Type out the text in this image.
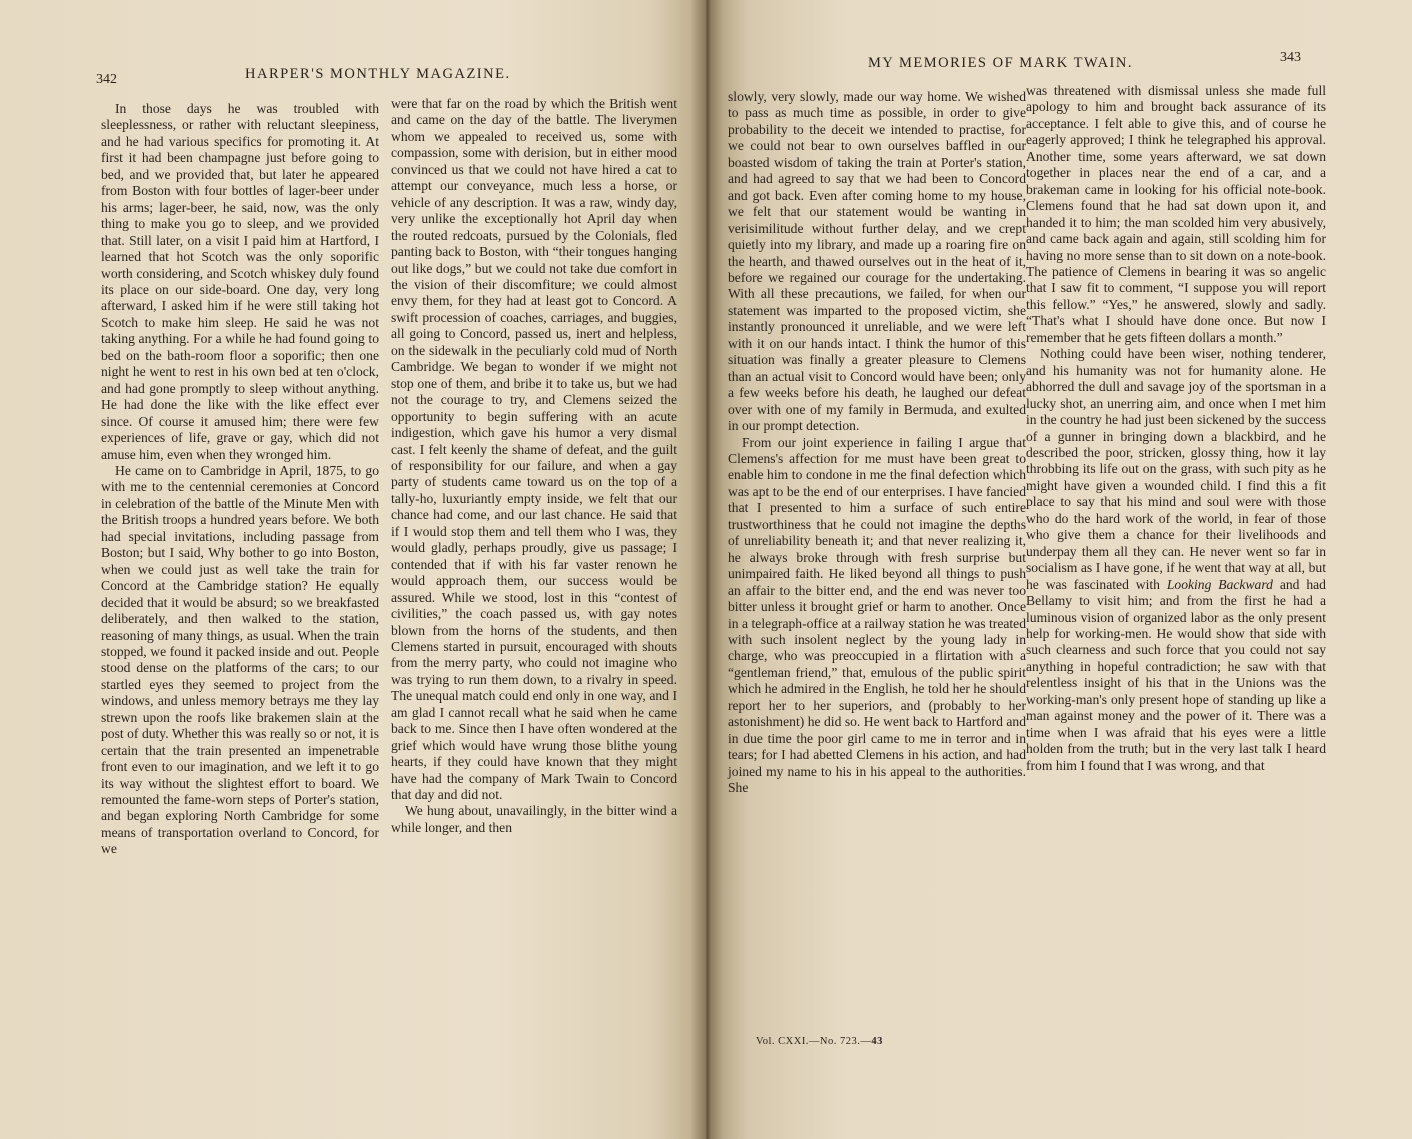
342	HARPER'S MONTHLY MAGAZINE.

In those days he was troubled with sleeplessness, or rather with reluctant sleepiness, and he had various specifics for promoting it. At first it had been champagne just before going to bed, and we provided that, but later he appeared from Boston with four bottles of lager-beer under his arms; lager-beer, he said, now, was the only thing to make you go to sleep, and we provided that. Still later, on a visit I paid him at Hartford, I learned that hot Scotch was the only soporific worth considering, and Scotch whiskey duly found its place on our side-board. One day, very long afterward, I asked him if he were still taking hot Scotch to make him sleep. He said he was not taking anything. For a while he had found going to bed on the bath-room floor a soporific; then one night he went to rest in his own bed at ten o'clock, and had gone promptly to sleep without anything. He had done the like with the like effect ever since. Of course it amused him; there were few experiences of life, grave or gay, which did not amuse him, even when they wronged him.

He came on to Cambridge in April, 1875, to go with me to the centennial ceremonies at Concord in celebration of the battle of the Minute Men with the British troops a hundred years before. We both had special invitations, including passage from Boston; but I said, Why bother to go into Boston, when we could just as well take the train for Concord at the Cambridge station? He equally decided that it would be absurd; so we breakfasted deliberately, and then walked to the station, reasoning of many things, as usual. When the train stopped, we found it packed inside and out. People stood dense on the platforms of the cars; to our startled eyes they seemed to project from the windows, and unless memory betrays me they lay strewn upon the roofs like brakemen slain at the post of duty. Whether this was really so or not, it is certain that the train presented an impenetrable front even to our imagination, and we left it to go its way without the slightest effort to board. We remounted the fame-worn steps of Porter's station, and began exploring North Cambridge for some means of transportation overland to Concord, for we

were that far on the road by which the British went and came on the day of the battle. The liverymen whom we appealed to received us, some with compassion, some with derision, but in either mood convinced us that we could not have hired a cat to attempt our conveyance, much less a horse, or vehicle of any description. It was a raw, windy day, very unlike the exceptionally hot April day when the routed redcoats, pursued by the Colonials, fled panting back to Boston, with “their tongues hanging out like dogs,” but we could not take due comfort in the vision of their discomfiture; we could almost envy them, for they had at least got to Concord. A swift procession of coaches, carriages, and buggies, all going to Concord, passed us, inert and helpless, on the sidewalk in the peculiarly cold mud of North Cambridge. We began to wonder if we might not stop one of them, and bribe it to take us, but we had not the courage to try, and Clemens seized the opportunity to begin suffering with an acute indigestion, which gave his humor a very dismal cast. I felt keenly the shame of defeat, and the guilt of responsibility for our failure, and when a gay party of students came toward us on the top of a tally-ho, luxuriantly empty inside, we felt that our chance had come, and our last chance. He said that if I would stop them and tell them who I was, they would gladly, perhaps proudly, give us passage; I contended that if with his far vaster renown he would approach them, our success would be assured. While we stood, lost in this “contest of civilities,” the coach passed us, with gay notes blown from the horns of the students, and then Clemens started in pursuit, encouraged with shouts from the merry party, who could not imagine who was trying to run them down, to a rivalry in speed. The unequal match could end only in one way, and I am glad I cannot recall what he said when he came back to me. Since then I have often wondered at the grief which would have wrung those blithe young hearts, if they could have known that they might have had the company of Mark Twain to Concord that day and did not.

We hung about, unavailingly, in the bitter wind a while longer, and then

MY MEMORIES OF MARK TWAIN.	343

slowly, very slowly, made our way home. We wished to pass as much time as possible, in order to give probability to the deceit we intended to practise, for we could not bear to own ourselves baffled in our boasted wisdom of taking the train at Porter's station, and had agreed to say that we had been to Concord and got back. Even after coming home to my house, we felt that our statement would be wanting in verisimilitude without further delay, and we crept quietly into my library, and made up a roaring fire on the hearth, and thawed ourselves out in the heat of it, before we regained our courage for the undertaking. With all these precautions, we failed, for when our statement was imparted to the proposed victim, she instantly pronounced it unreliable, and we were left with it on our hands intact. I think the humor of this situation was finally a greater pleasure to Clemens than an actual visit to Concord would have been; only a few weeks before his death, he laughed our defeat over with one of my family in Bermuda, and exulted in our prompt detection.

From our joint experience in failing I argue that Clemens's affection for me must have been great to enable him to condone in me the final defection which was apt to be the end of our enterprises. I have fancied that I presented to him a surface of such entire trustworthiness that he could not imagine the depths of unreliability beneath it; and that never realizing it, he always broke through with fresh surprise but unimpaired faith. He liked beyond all things to push an affair to the bitter end, and the end was never too bitter unless it brought grief or harm to another. Once in a telegraph-office at a railway station he was treated with such insolent neglect by the young lady in charge, who was preoccupied in a flirtation with a “gentleman friend,” that, emulous of the public spirit which he admired in the English, he told her he should report her to her superiors, and (probably to her astonishment) he did so. He went back to Hartford and in due time the poor girl came to me in terror and in tears; for I had abetted Clemens in his action, and had joined my name to his in his appeal to the authorities. She

was threatened with dismissal unless she made full apology to him and brought back assurance of its acceptance. I felt able to give this, and of course he eagerly approved; I think he telegraphed his approval. Another time, some years afterward, we sat down together in places near the end of a car, and a brakeman came in looking for his official note-book. Clemens found that he had sat down upon it, and handed it to him; the man scolded him very abusively, and came back again and again, still scolding him for having no more sense than to sit down on a note-book. The patience of Clemens in bearing it was so angelic that I saw fit to comment, “I suppose you will report this fellow.” “Yes,” he answered, slowly and sadly. “That's what I should have done once. But now I remember that he gets fifteen dollars a month.”

Nothing could have been wiser, nothing tenderer, and his humanity was not for humanity alone. He abhorred the dull and savage joy of the sportsman in a lucky shot, an unerring aim, and once when I met him in the country he had just been sickened by the success of a gunner in bringing down a blackbird, and he described the poor, stricken, glossy thing, how it lay throbbing its life out on the grass, with such pity as he might have given a wounded child. I find this a fit place to say that his mind and soul were with those who do the hard work of the world, in fear of those who give them a chance for their livelihoods and underpay them all they can. He never went so far in socialism as I have gone, if he went that way at all, but he was fascinated with Looking Backward and had Bellamy to visit him; and from the first he had a luminous vision of organized labor as the only present help for working-men. He would show that side with such clearness and such force that you could not say anything in hopeful contradiction; he saw with that relentless insight of his that in the Unions was the working-man's only present hope of standing up like a man against money and the power of it. There was a time when I was afraid that his eyes were a little holden from the truth; but in the very last talk I heard from him I found that I was wrong, and that

Vol. CXXI.—No. 723.—43
